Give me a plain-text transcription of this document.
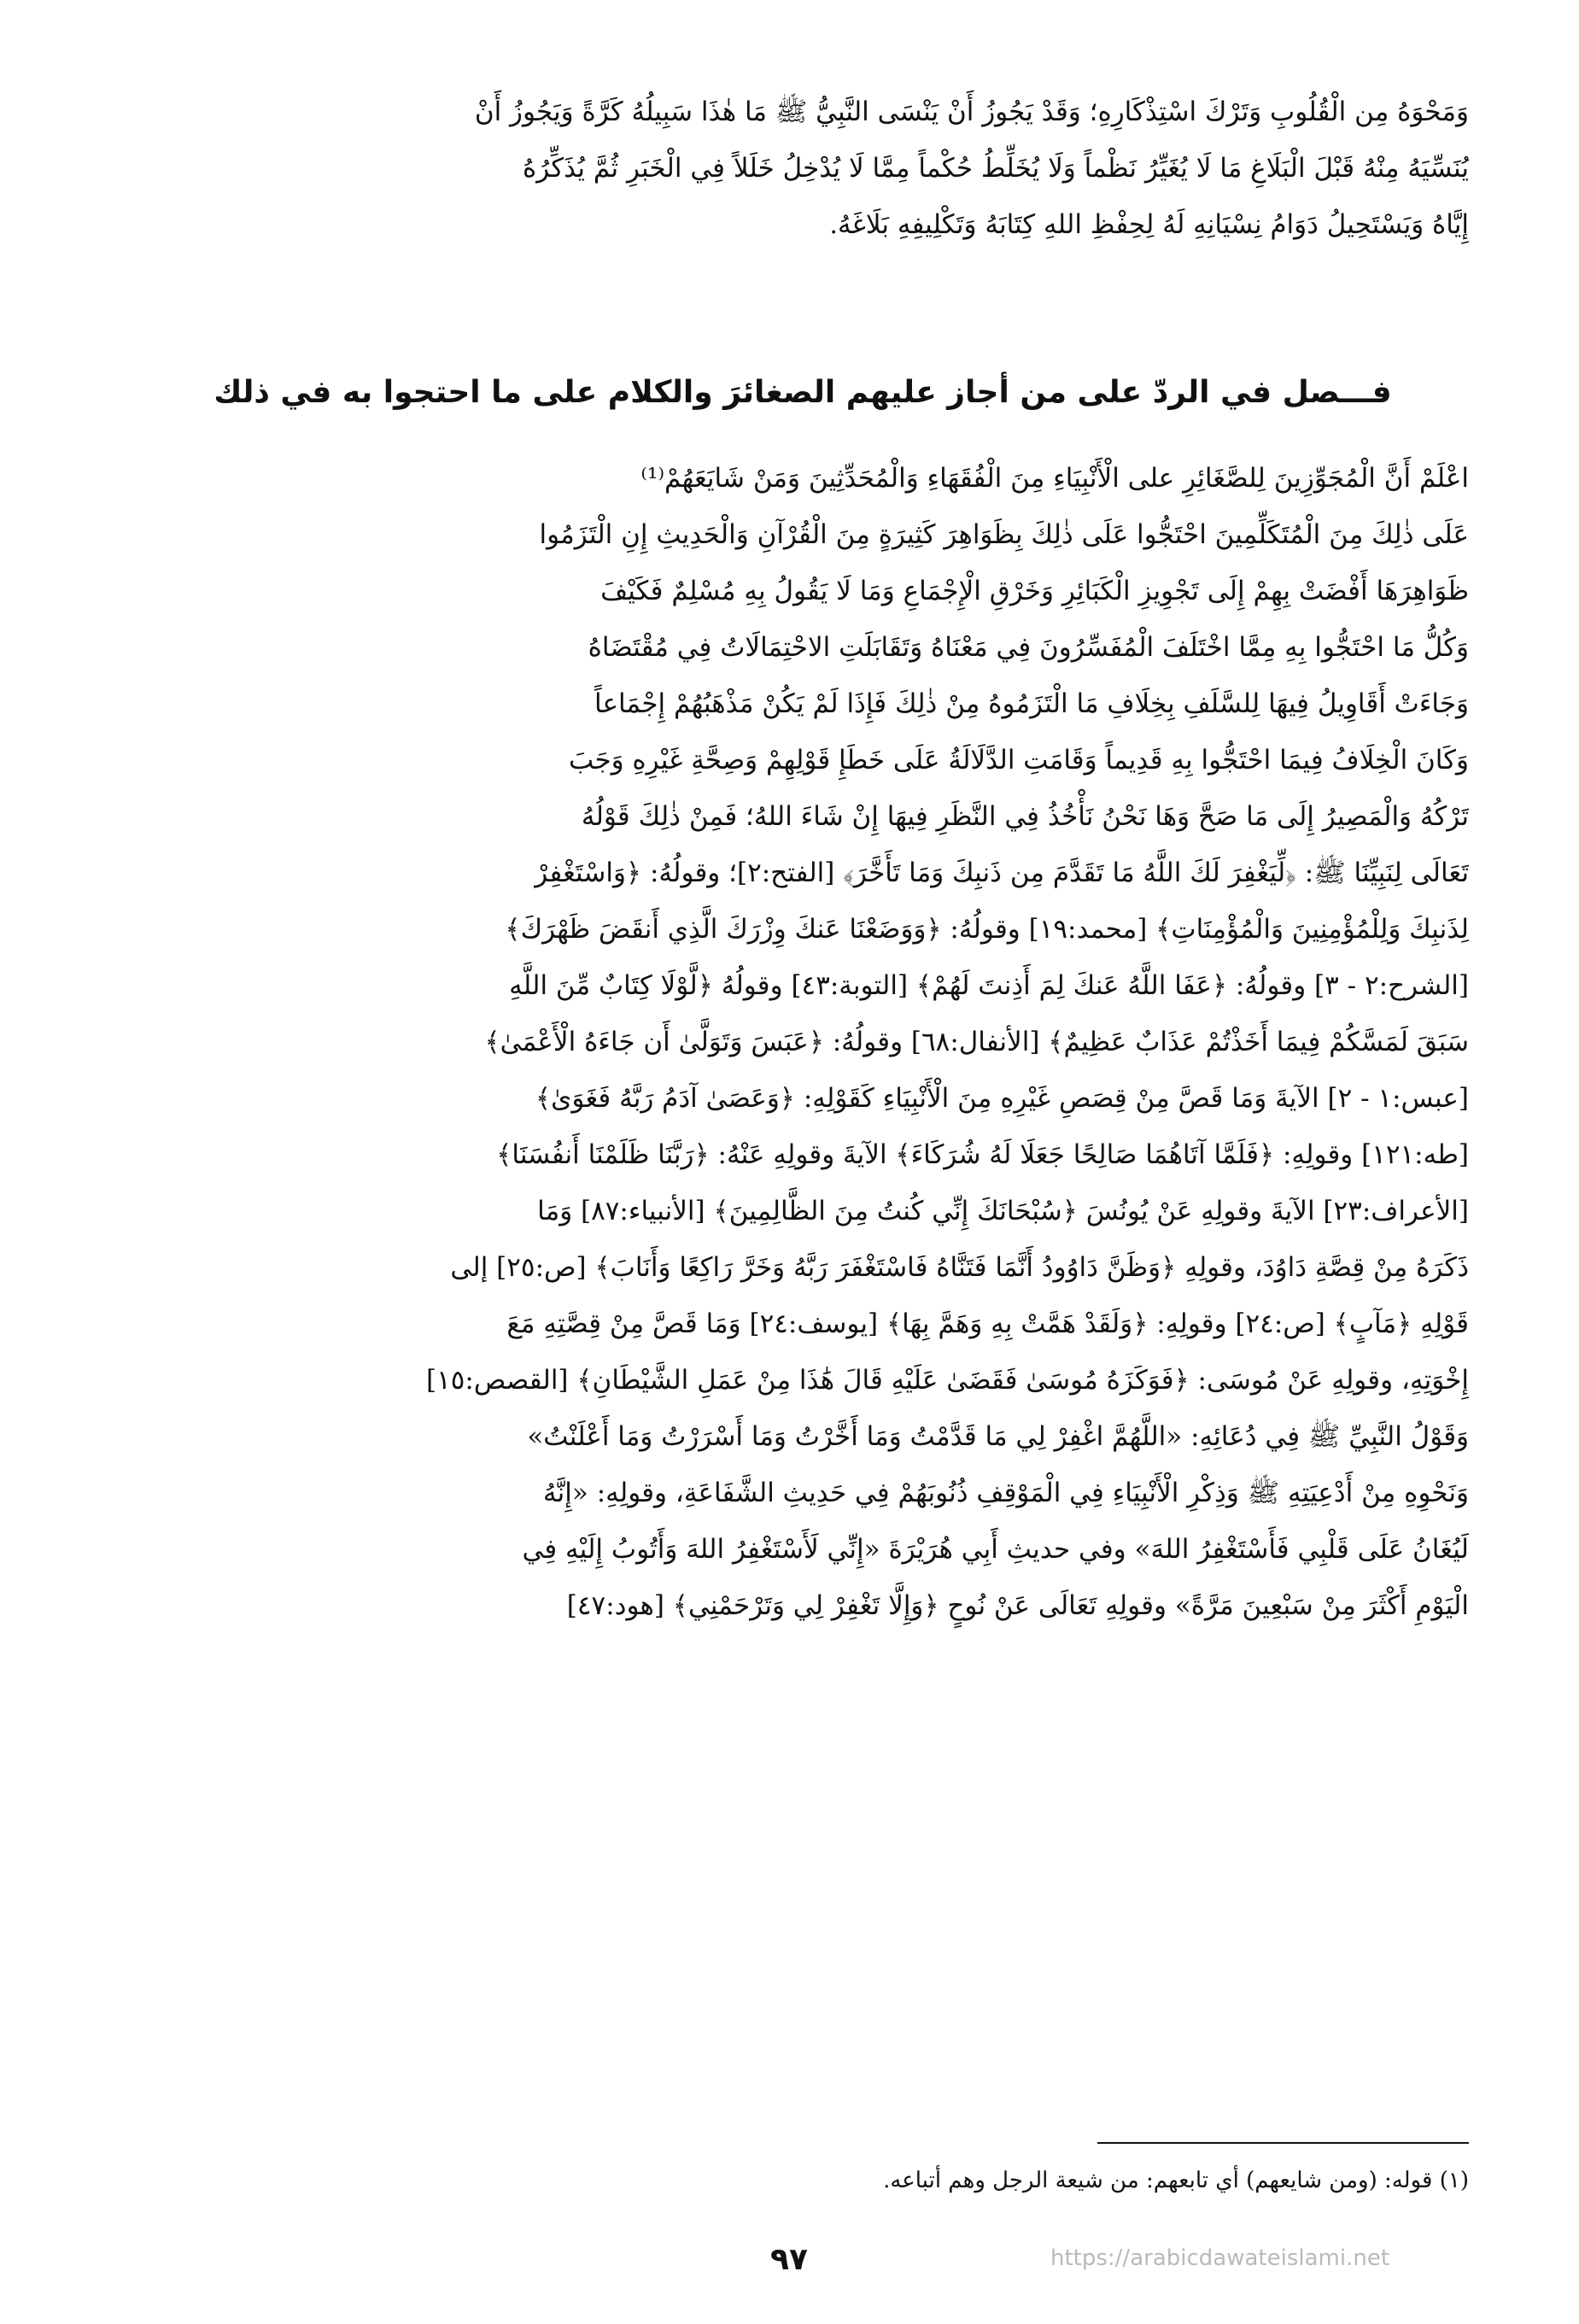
وَمَحْوَهُ مِن الْقُلُوبِ وَتَرْكَ اسْتِذْكَارِهِ؛ وَقَدْ يَجُوزُ أَنْ يَنْسَى النَّبِيُّ ﷺ مَا هٰذَا سَبِيلُهُ كَرَّةً وَيَجُوزُ أَنْ
يُنَسِّيَهُ مِنْهُ قَبْلَ الْبَلَاغِ مَا لَا يُغَيِّرُ نَظْماً وَلَا يُخَلِّطُ حُكْماً مِمَّا لَا يُدْخِلُ خَلَلاً فِي الْخَبَرِ ثُمَّ يُذَكِّرُهُ
إِيَّاهُ وَيَسْتَحِيلُ دَوَامُ نِسْيَانِهِ لَهُ لِحِفْظِ اللهِ كِتَابَهُ وَتَكْلِيفِهِ بَلَاغَهُ.
فـــصل في الردّ على من أجاز عليهم الصغائرَ والكلام على ما احتجوا به في ذلك
اعْلَمْ أَنَّ الْمُجَوِّزِينَ لِلصَّغَائِرِ على الْأَنْبِيَاءِ مِنَ الْفُقَهَاءِ وَالْمُحَدِّثِينَ وَمَنْ شَايَعَهُمْ⁽¹⁾
عَلَى ذٰلِكَ مِنَ الْمُتَكَلِّمِينَ احْتَجُّوا عَلَى ذٰلِكَ بِظَوَاهِرَ كَثِيرَةٍ مِنَ الْقُرْآنِ وَالْحَدِيثِ إِنِ الْتَزَمُوا
ظَوَاهِرَهَا أَفْضَتْ بِهِمْ إِلَى تَجْوِيزِ الْكَبَائِرِ وَخَرْقِ الْإِجْمَاعِ وَمَا لَا يَقُولُ بِهِ مُسْلِمٌ فَكَيْفَ
وَكُلُّ مَا احْتَجُّوا بِهِ مِمَّا اخْتَلَفَ الْمُفَسِّرُونَ فِي مَعْنَاهُ وَتَقَابَلَتِ الاحْتِمَالَاتُ فِي مُقْتَضَاهُ
وَجَاءَتْ أَقَاوِيلُ فِيهَا لِلسَّلَفِ بِخِلَافِ مَا الْتَزَمُوهُ مِنْ ذٰلِكَ فَإِذَا لَمْ يَكُنْ مَذْهَبُهُمْ إِجْمَاعاً
وَكَانَ الْخِلَافُ فِيمَا احْتَجُّوا بِهِ قَدِيماً وَقَامَتِ الدَّلَالَةُ عَلَى خَطَإِ قَوْلِهِمْ وَصِحَّةِ غَيْرِهِ وَجَبَ
تَرْكُهُ وَالْمَصِيرُ إِلَى مَا صَحَّ وَهَا نَحْنُ نَأْخُذُ فِي النَّظَرِ فِيهَا إِنْ شَاءَ اللهُ؛ فَمِنْ ذٰلِكَ قَوْلُهُ
تَعَالَى لِنَبِيِّنَا ﷺ: ﴿لِّيَغْفِرَ لَكَ اللَّهُ مَا تَقَدَّمَ مِن ذَنبِكَ وَمَا تَأَخَّرَ﴾ [الفتح:٢]؛ وقولُهُ: ﴿وَاسْتَغْفِرْ
لِذَنبِكَ وَلِلْمُؤْمِنِينَ وَالْمُؤْمِنَاتِ﴾ [محمد:١٩] وقولُهُ: ﴿وَوَضَعْنَا عَنكَ وِزْرَكَ الَّذِي أَنقَضَ ظَهْرَكَ﴾
[الشرح:٢ - ٣] وقولُهُ: ﴿عَفَا اللَّهُ عَنكَ لِمَ أَذِنتَ لَهُمْ﴾ [التوبة:٤٣] وقولُهُ ﴿لَّوْلَا كِتَابٌ مِّنَ اللَّهِ
سَبَقَ لَمَسَّكُمْ فِيمَا أَخَذْتُمْ عَذَابٌ عَظِيمٌ﴾ [الأنفال:٦٨] وقولُهُ: ﴿عَبَسَ وَتَوَلَّىٰ أَن جَاءَهُ الْأَعْمَىٰ﴾
[عبس:١ - ٢] الآيةَ وَمَا قَصَّ مِنْ قِصَصِ غَيْرِهِ مِنَ الْأَنْبِيَاءِ كَقَوْلِهِ: ﴿وَعَصَىٰ آدَمُ رَبَّهُ فَغَوَىٰ﴾
[طه:١٢١] وقولِهِ: ﴿فَلَمَّا آتَاهُمَا صَالِحًا جَعَلَا لَهُ شُرَكَاءَ﴾ الآيةَ وقولِهِ عَنْهُ: ﴿رَبَّنَا ظَلَمْنَا أَنفُسَنَا﴾
[الأعراف:٢٣] الآيةَ وقولِهِ عَنْ يُونُسَ ﴿سُبْحَانَكَ إِنِّي كُنتُ مِنَ الظَّالِمِينَ﴾ [الأنبياء:٨٧] وَمَا
ذَكَرَهُ مِنْ قِصَّةِ دَاوُدَ، وقولِهِ ﴿وَظَنَّ دَاوُودُ أَنَّمَا فَتَنَّاهُ فَاسْتَغْفَرَ رَبَّهُ وَخَرَّ رَاكِعًا وَأَنَابَ﴾ [ص:٢٥] إلى
قَوْلِهِ ﴿مَآبٍ﴾ [ص:٢٤] وقولِهِ: ﴿وَلَقَدْ هَمَّتْ بِهِ وَهَمَّ بِهَا﴾ [يوسف:٢٤] وَمَا قَصَّ مِنْ قِصَّتِهِ مَعَ
إِخْوَتِهِ، وقولِهِ عَنْ مُوسَى: ﴿فَوَكَزَهُ مُوسَىٰ فَقَضَىٰ عَلَيْهِ قَالَ هَٰذَا مِنْ عَمَلِ الشَّيْطَانِ﴾ [القصص:١٥]
وَقَوْلُ النَّبِيِّ ﷺ فِي دُعَائِهِ: «اللَّهُمَّ اغْفِرْ لِي مَا قَدَّمْتُ وَمَا أَخَّرْتُ وَمَا أَسْرَرْتُ وَمَا أَعْلَنْتُ»
وَنَحْوِهِ مِنْ أَدْعِيَتِهِ ﷺ وَذِكْرِ الْأَنْبِيَاءِ فِي الْمَوْقِفِ ذُنُوبَهُمْ فِي حَدِيثِ الشَّفَاعَةِ، وقولِهِ: «إِنَّهُ
لَيُغَانُ عَلَى قَلْبِي فَأَسْتَغْفِرُ اللهَ» وفي حديثِ أَبِي هُرَيْرَةَ «إِنِّي لَأَسْتَغْفِرُ اللهَ وَأَتُوبُ إِلَيْهِ فِي
الْيَوْمِ أَكْثَرَ مِنْ سَبْعِينَ مَرَّةً» وقولِهِ تَعَالَى عَنْ نُوحٍ ﴿وَإِلَّا تَغْفِرْ لِي وَتَرْحَمْنِي﴾ [هود:٤٧]
(١) قوله: (ومن شايعهم) أي تابعهم: من شيعة الرجل وهم أتباعه.
٩٧	https://arabicdawateislami.net
